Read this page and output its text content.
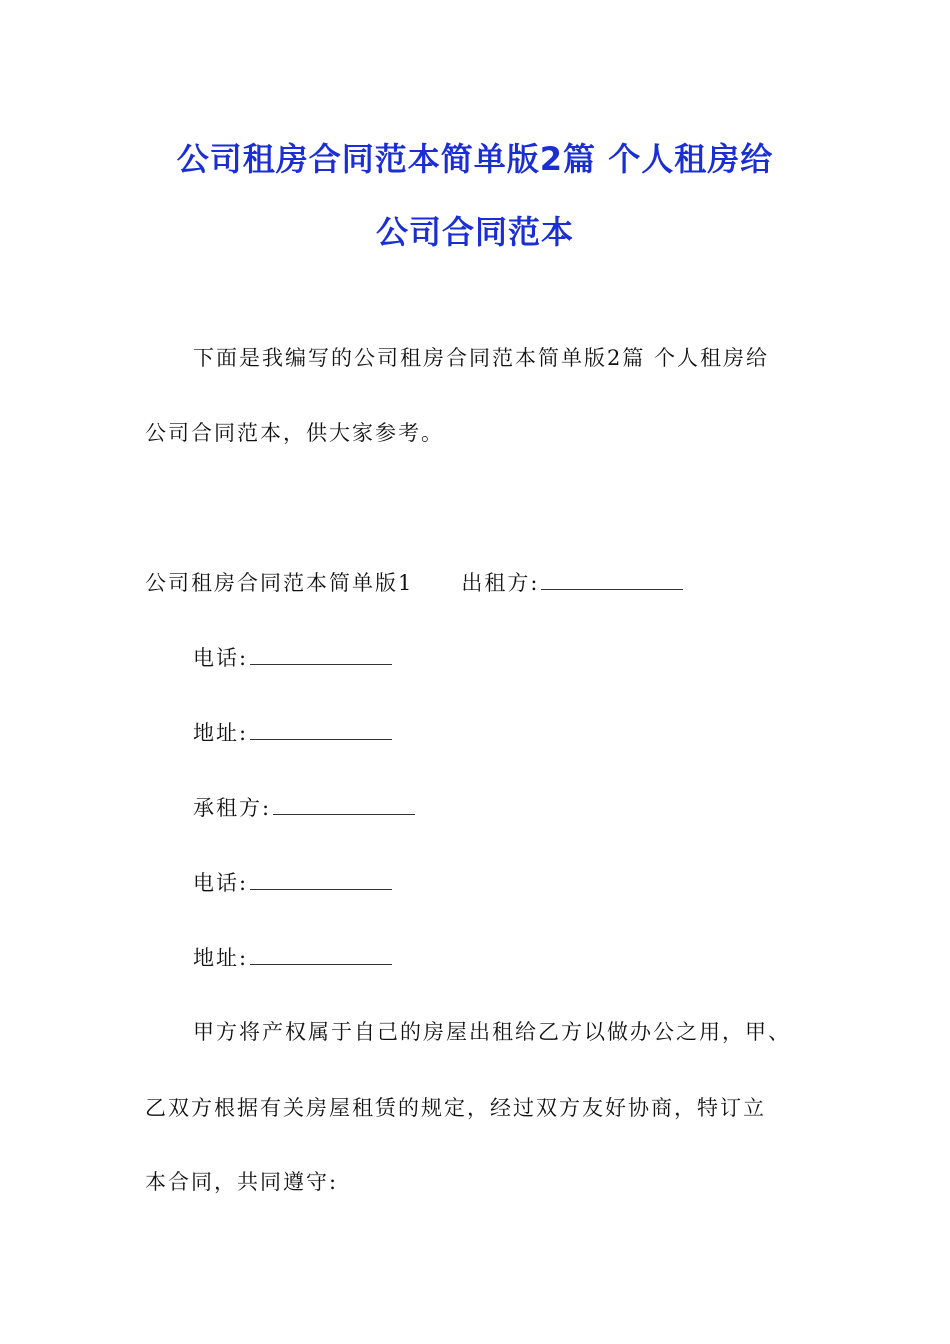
公司租房合同范本简单版2篇 个人租房给
公司合同范本
下面是我编写的公司租房合同范本简单版2篇 个人租房给
公司合同范本，供大家参考。
公司租房合同范本简单版1 出租方:
电话:
地址:
承租方:
电话:
地址:
甲方将产权属于自己的房屋出租给乙方以做办公之用，甲、
乙双方根据有关房屋租赁的规定，经过双方友好协商，特订立
本合同，共同遵守:
